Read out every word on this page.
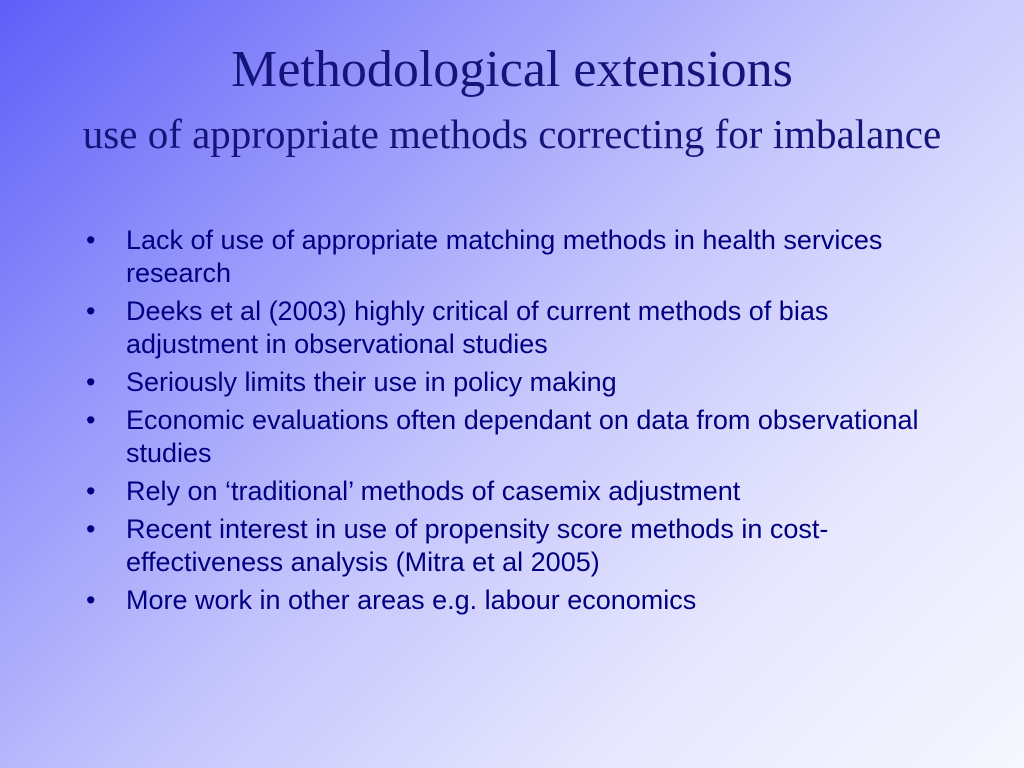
Methodological extensions
use of appropriate methods correcting for imbalance
• Lack of use of appropriate matching methods in health services research
• Deeks et al (2003) highly critical of current methods of bias adjustment in observational studies
• Seriously limits their use in policy making
• Economic evaluations often dependant on data from observational studies
• Rely on ‘traditional’ methods of casemix adjustment
• Recent interest in use of propensity score methods in cost-effectiveness analysis (Mitra et al 2005)
• More work in other areas e.g. labour economics
